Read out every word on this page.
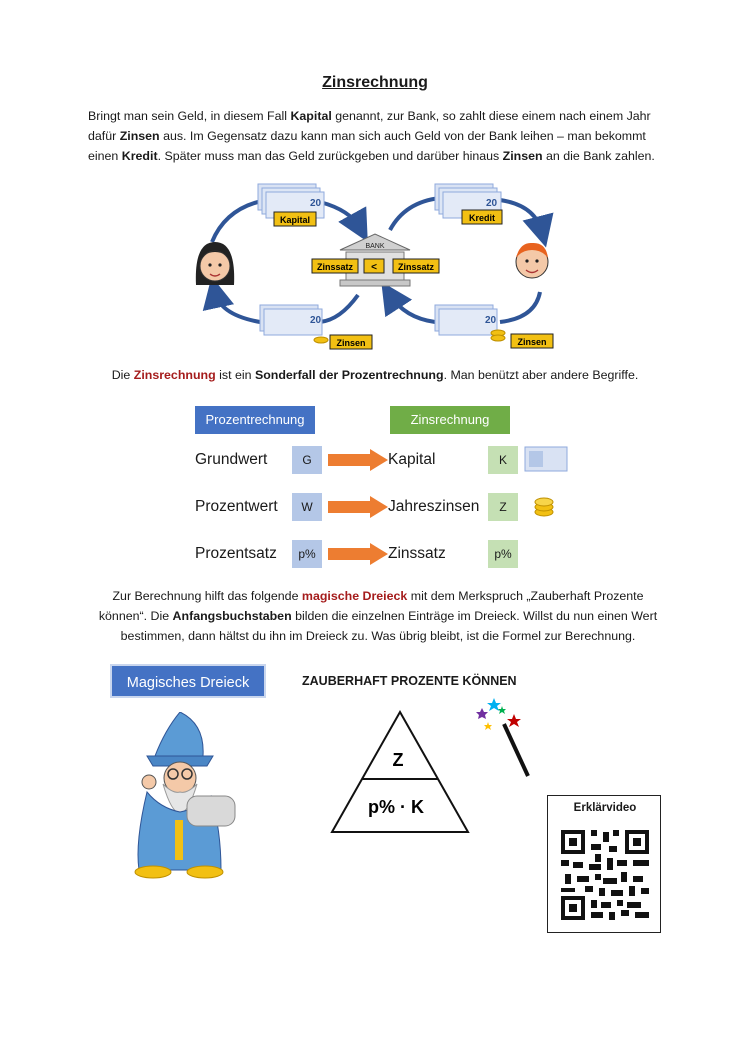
Zinsrechnung
Bringt man sein Geld, in diesem Fall Kapital genannt, zur Bank, so zahlt diese einem nach einem Jahr dafür Zinsen aus. Im Gegensatz dazu kann man sich auch Geld von der Bank leihen – man bekommt einen Kredit. Später muss man das Geld zurückgeben und darüber hinaus Zinsen an die Bank zahlen.
20	20
20	20
Kapital	Kredit
Zinsen	Zinsen
BANK
Zinssatz < Zinssatz
Die Zinsrechnung ist ein Sonderfall der Prozentrechnung. Man benützt aber andere Begriffe.
Prozentrechnung	Zinsrechnung
Grundwert	G	Kapital	K
Prozentwert	W	Jahreszinsen	Z
Prozentsatz	p%	Zinssatz	p%
Zur Berechnung hilft das folgende magische Dreieck mit dem Merkspruch „Zauberhaft Prozente können“. Die Anfangsbuchstaben bilden die einzelnen Einträge im Dreieck. Willst du nun einen Wert bestimmen, dann hältst du ihn im Dreieck zu. Was übrig bleibt, ist die Formel zur Berechnung.
Magisches Dreieck	ZAUBERHAFT PROZENTE KÖNNEN
Z
p% · K	Erklärvideo
